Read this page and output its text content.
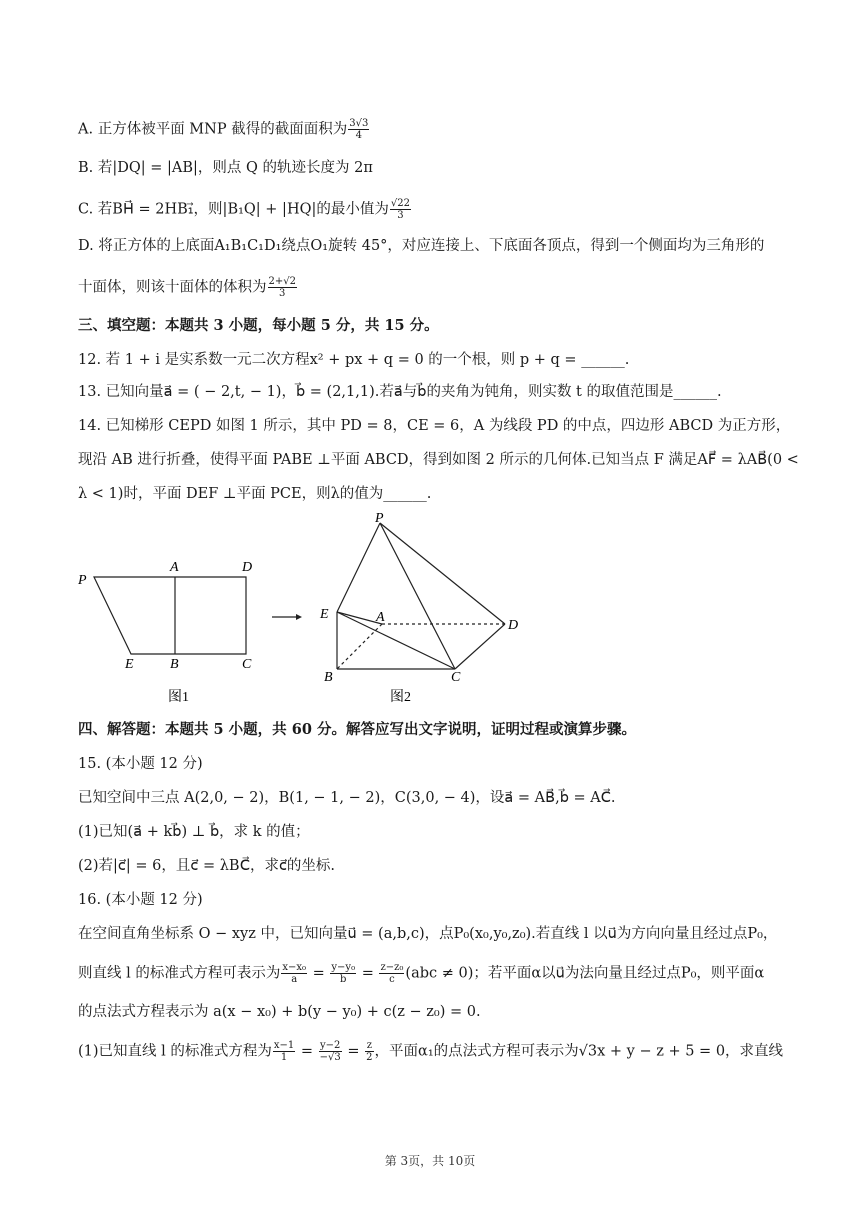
A. 正方体被平面 MNP 截得的截面面积为 $\frac{3√3}{4}$
B. 若|DQ| = |AB|，则点 Q 的轨迹长度为 2π
C. 若BH⃗ = 2HB₁⃗，则|B₁Q| + |HQ|的最小值为 $\frac{√22}{3}$
D. 将正方体的上底面A₁B₁C₁D₁绕点O₁旋转 45°，对应连接上、下底面各顶点，得到一个侧面均为三角形的
十面体，则该十面体的体积为 $\frac{2+√2}{3}$
三、填空题：本题共 3 小题，每小题 5 分，共 15 分。
12. 若 1 + i 是实系数一元二次方程x² + px + q = 0 的一个根，则 p + q = ______.
13. 已知向量a⃗ = ( − 2,t, − 1)，b⃗ = (2,1,1).若a⃗与b⃗的夹角为钝角，则实数 t 的取值范围是______.
14. 已知梯形 CEPD 如图 1 所示，其中 PD = 8，CE = 6，A 为线段 PD 的中点，四边形 ABCD 为正方形，
现沿 AB 进行折叠，使得平面 PABE ⊥平面 ABCD，得到如图 2 所示的几何体.已知当点 F 满足AF⃗ = λAB⃗(0 <
λ < 1)时，平面 DEF ⊥平面 PCE，则λ的值为______.
P
A	D
E	B	C
图1
P
E	A
D
B	C
图2
四、解答题：本题共 5 小题，共 60 分。解答应写出文字说明，证明过程或演算步骤。
15. (本小题 12 分)
已知空间中三点 A(2,0, − 2)，B(1, − 1, − 2)，C(3,0, − 4)，设a⃗ = AB⃗,b⃗ = AC⃗.
(1)已知(a⃗ + kb⃗) ⊥ b⃗，求 k 的值；
(2)若|c⃗| = 6，且c⃗ = λBC⃗，求c⃗的坐标.
16. (本小题 12 分)
在空间直角坐标系 O − xyz 中，已知向量u⃗ = (a,b,c)，点P₀(x₀,y₀,z₀).若直线 l 以u⃗为方向向量且经过点P₀，
则直线 l 的标准式方程可表示为 $\frac{\text{x−x₀}}{a} = \frac{\text{y−y₀}}{b} = \frac{\text{z−z₀}}{c} (abc \ne 0)$；若平面α以u⃗为法向量且经过点P₀，则平面α
的点法式方程表示为 a(x − x₀) + b(y − y₀) + c(z − z₀) = 0.
(1)已知直线 l 的标准式方程为 $\frac{x-1}{1} = \frac{y-2}{-√3} = \frac{z}{2}$ ，平面α₁的点法式方程可表示为√3x + y − z + 5 = 0，求直线
第 3页，共 10页
